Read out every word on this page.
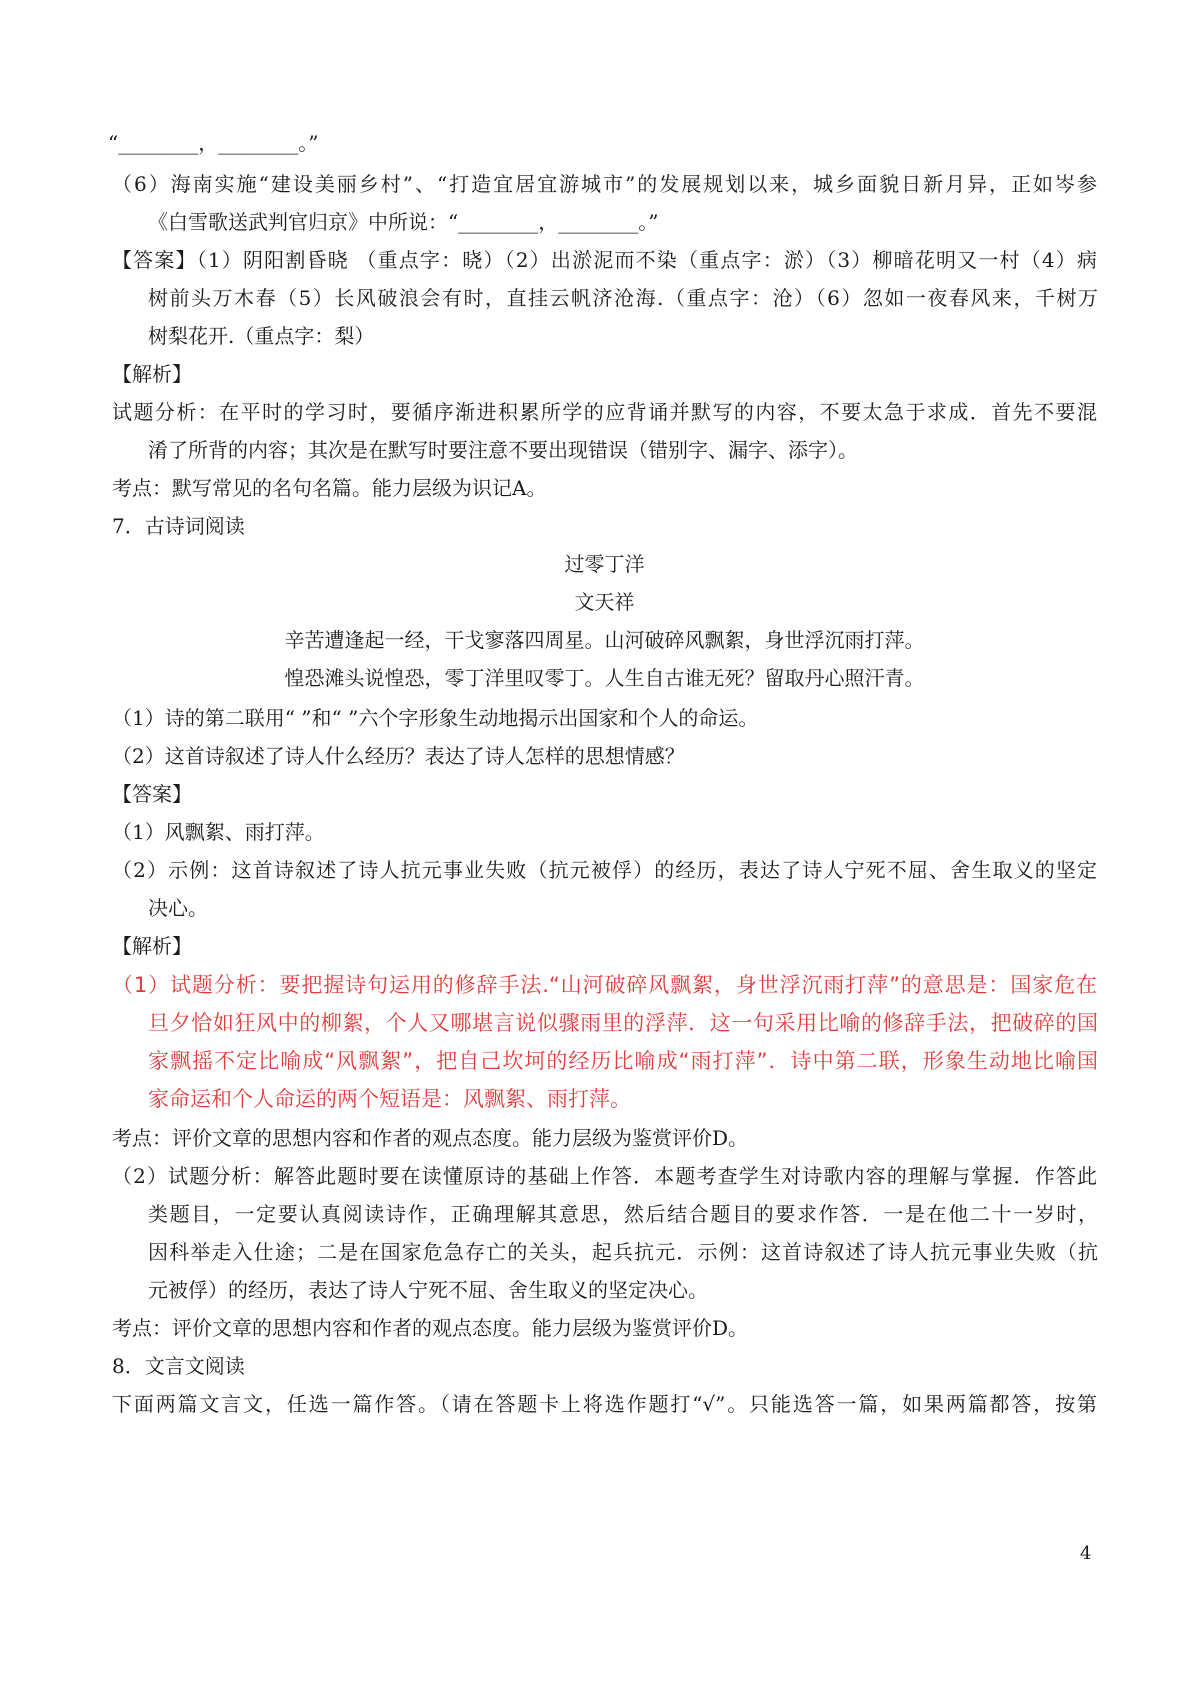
“________，________。”
（6）海南实施“建设美丽乡村”、“打造宜居宜游城市”的发展规划以来，城乡面貌日新月异，正如岑参
《白雪歌送武判官归京》中所说：“________，________。”
【答案】（1）阴阳割昏晓 （重点字：晓）（2）出淤泥而不染（重点字：淤）（3）柳暗花明又一村（4）病
树前头万木春（5）长风破浪会有时，直挂云帆济沧海.（重点字：沧）（6）忽如一夜春风来，千树万
树梨花开.（重点字：梨）
【解析】
试题分析：在平时的学习时，要循序渐进积累所学的应背诵并默写的内容，不要太急于求成．首先不要混
淆了所背的内容；其次是在默写时要注意不要出现错误（错别字、漏字、添字）。
考点：默写常见的名句名篇。能力层级为识记A。
7．古诗词阅读
过零丁洋
文天祥
辛苦遭逢起一经，干戈寥落四周星。山河破碎风飘絮，身世浮沉雨打萍。
惶恐滩头说惶恐，零丁洋里叹零丁。人生自古谁无死？留取丹心照汗青。
（1）诗的第二联用“ ”和“ ”六个字形象生动地揭示出国家和个人的命运。
（2）这首诗叙述了诗人什么经历？表达了诗人怎样的思想情感？
【答案】
（1）风飘絮、雨打萍。
（2）示例：这首诗叙述了诗人抗元事业失败（抗元被俘）的经历，表达了诗人宁死不屈、舍生取义的坚定
决心。
【解析】
（1）试题分析：要把握诗句运用的修辞手法.“山河破碎风飘絮，身世浮沉雨打萍”的意思是：国家危在
旦夕恰如狂风中的柳絮，个人又哪堪言说似骤雨里的浮萍．这一句采用比喻的修辞手法，把破碎的国
家飘摇不定比喻成“风飘絮”，把自己坎坷的经历比喻成“雨打萍”．诗中第二联，形象生动地比喻国
家命运和个人命运的两个短语是：风飘絮、雨打萍。
考点：评价文章的思想内容和作者的观点态度。能力层级为鉴赏评价D。
（2）试题分析：解答此题时要在读懂原诗的基础上作答．本题考查学生对诗歌内容的理解与掌握．作答此
类题目，一定要认真阅读诗作，正确理解其意思，然后结合题目的要求作答．一是在他二十一岁时，
因科举走入仕途；二是在国家危急存亡的关头，起兵抗元．示例：这首诗叙述了诗人抗元事业失败（抗
元被俘）的经历，表达了诗人宁死不屈、舍生取义的坚定决心。
考点：评价文章的思想内容和作者的观点态度。能力层级为鉴赏评价D。
8．文言文阅读
下面两篇文言文，任选一篇作答。（请在答题卡上将选作题打“√”。只能选答一篇，如果两篇都答，按第
4
